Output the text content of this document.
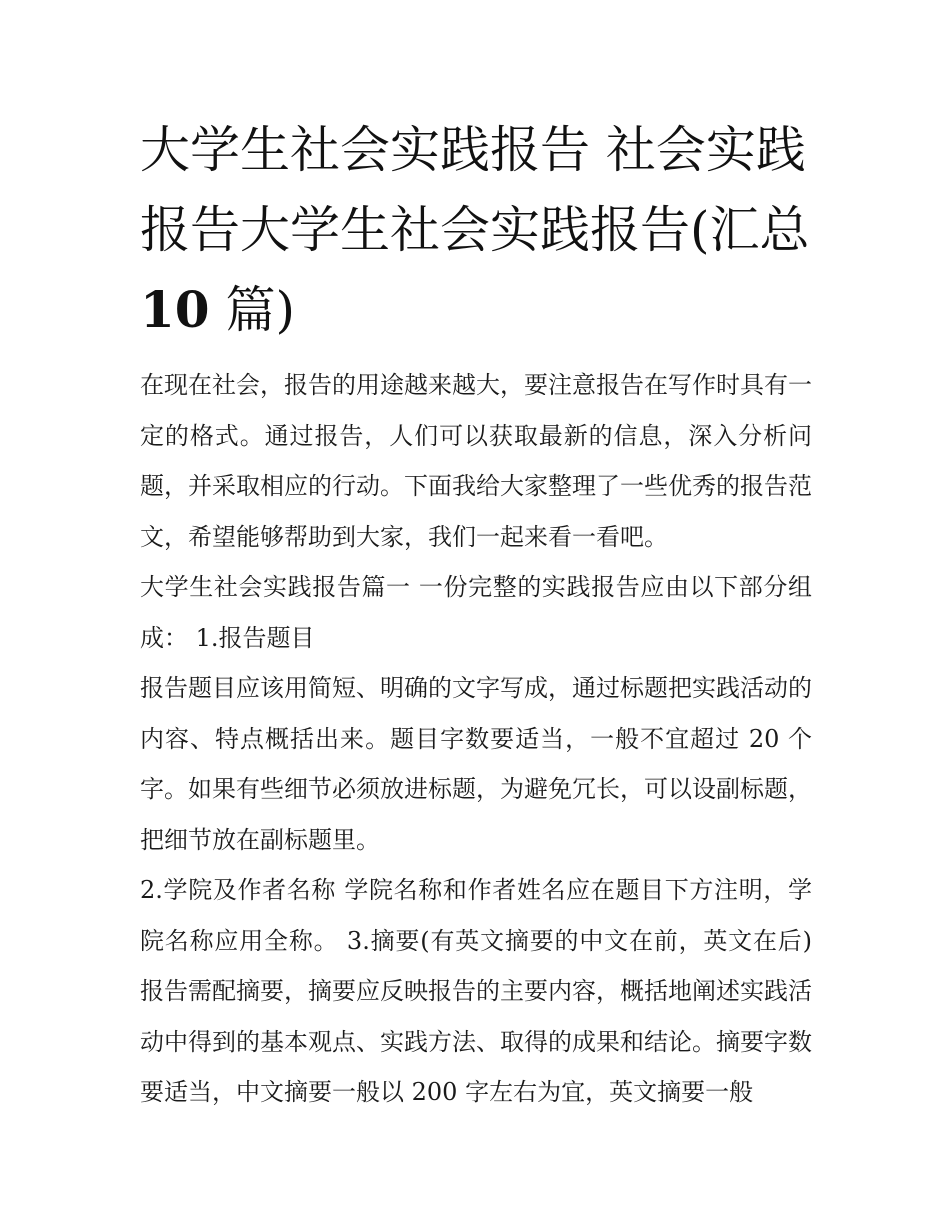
大学生社会实践报告 社会实践报告大学生社会实践报告(汇总
10 篇)

在现在社会，报告的用途越来越大，要注意报告在写作时具有一定的格式。通过报告，人们可以获取最新的信息，深入分析问题，并采取相应的行动。下面我给大家整理了一些优秀的报告范文，希望能够帮助到大家，我们一起来看一看吧。

大学生社会实践报告篇一 一份完整的实践报告应由以下部分组成： 1.报告题目

报告题目应该用简短、明确的文字写成，通过标题把实践活动的内容、特点概括出来。题目字数要适当，一般不宜超过 20 个字。如果有些细节必须放进标题，为避免冗长，可以设副标题，把细节放在副标题里。

2.学院及作者名称 学院名称和作者姓名应在题目下方注明，学院名称应用全称。 3.摘要(有英文摘要的中文在前，英文在后) 报告需配摘要，摘要应反映报告的主要内容，概括地阐述实践活动中得到的基本观点、实践方法、取得的成果和结论。摘要字数要适当，中文摘要一般以 200 字左右为宜，英文摘要一般
